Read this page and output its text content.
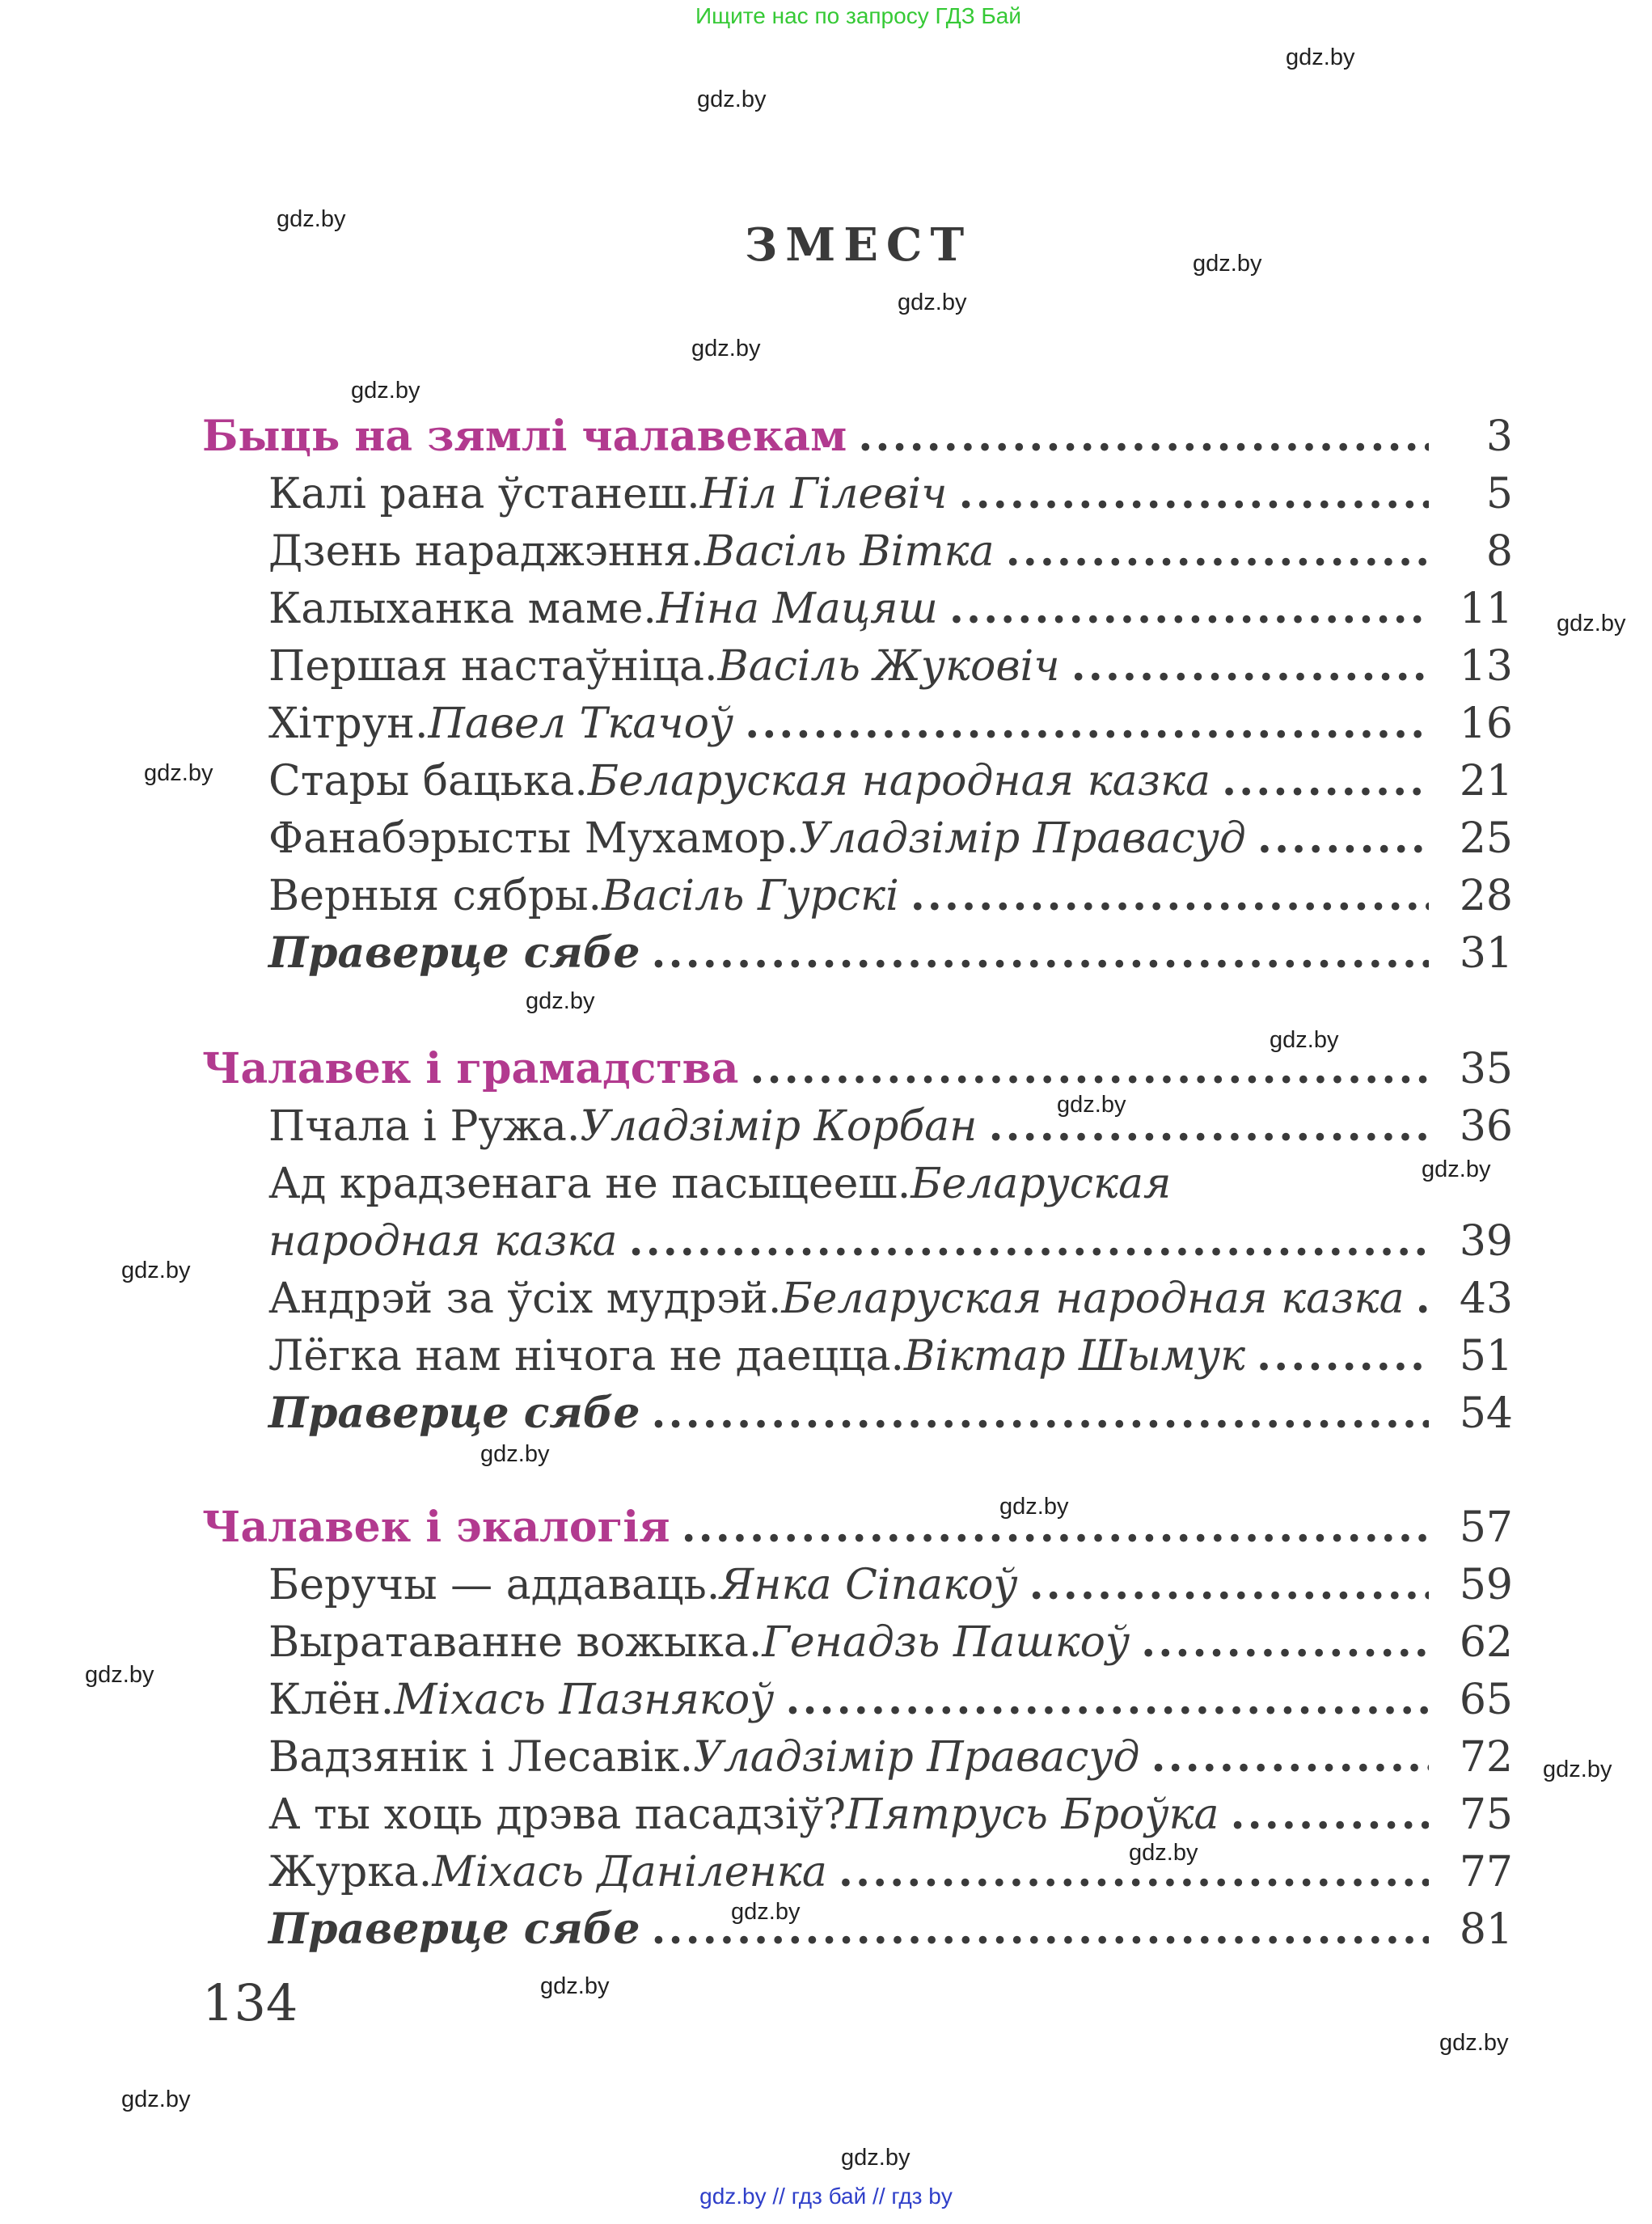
Ищите нас по запросу ГДЗ Бай
ЗМЕСТ
Быць на зямлі чалавекам .....	3
Калі рана ўстанеш. Ніл Гілевіч .....	5
Дзень нараджэння. Васіль Вітка .....	8
Калыханка маме. Ніна Мацяш .....	11
Першая настаўніца. Васіль Жуковіч .....	13
Хітрун. Павел Ткачоў .....	16
Стары бацька. Беларуская народная казка .....	21
Фанабэрысты Мухамор. Уладзімір Правасуд .....	25
Верныя сябры. Васіль Гурскі .....	28
Праверце сябе .....	31
Чалавек і грамадства .....	35
Пчала і Ружа. Уладзімір Корбан .....	36
Ад крадзенага не пасыцееш. Беларуская
народная казка .....	39
Андрэй за ўсіх мудрэй. Беларуская народная казка .....	43
Лёгка нам нічога не даецца. Віктар Шымук .....	51
Праверце сябе .....	54
Чалавек і экалогія .....	57
Беручы — аддаваць. Янка Сіпакоў .....	59
Выратаванне вожыка. Генадзь Пашкоў .....	62
Клён. Міхась Пазнякоў .....	65
Вадзянік і Лесавік. Уладзімір Правасуд .....	72
А ты хоць дрэва пасадзіў? Пятрусь Броўка .....	75
Журка. Міхась Даніленка .....	77
Праверце сябе .....	81
134
gdz.by
gdz.by
gdz.by
gdz.by
gdz.by
gdz.by
gdz.by
gdz.by
gdz.by
gdz.by
gdz.by
gdz.by
gdz.by
gdz.by
gdz.by
gdz.by
gdz.by
gdz.by
gdz.by
gdz.by
gdz.by
gdz.by
gdz.by
gdz.by
gdz.by // гдз бай // гдз by
